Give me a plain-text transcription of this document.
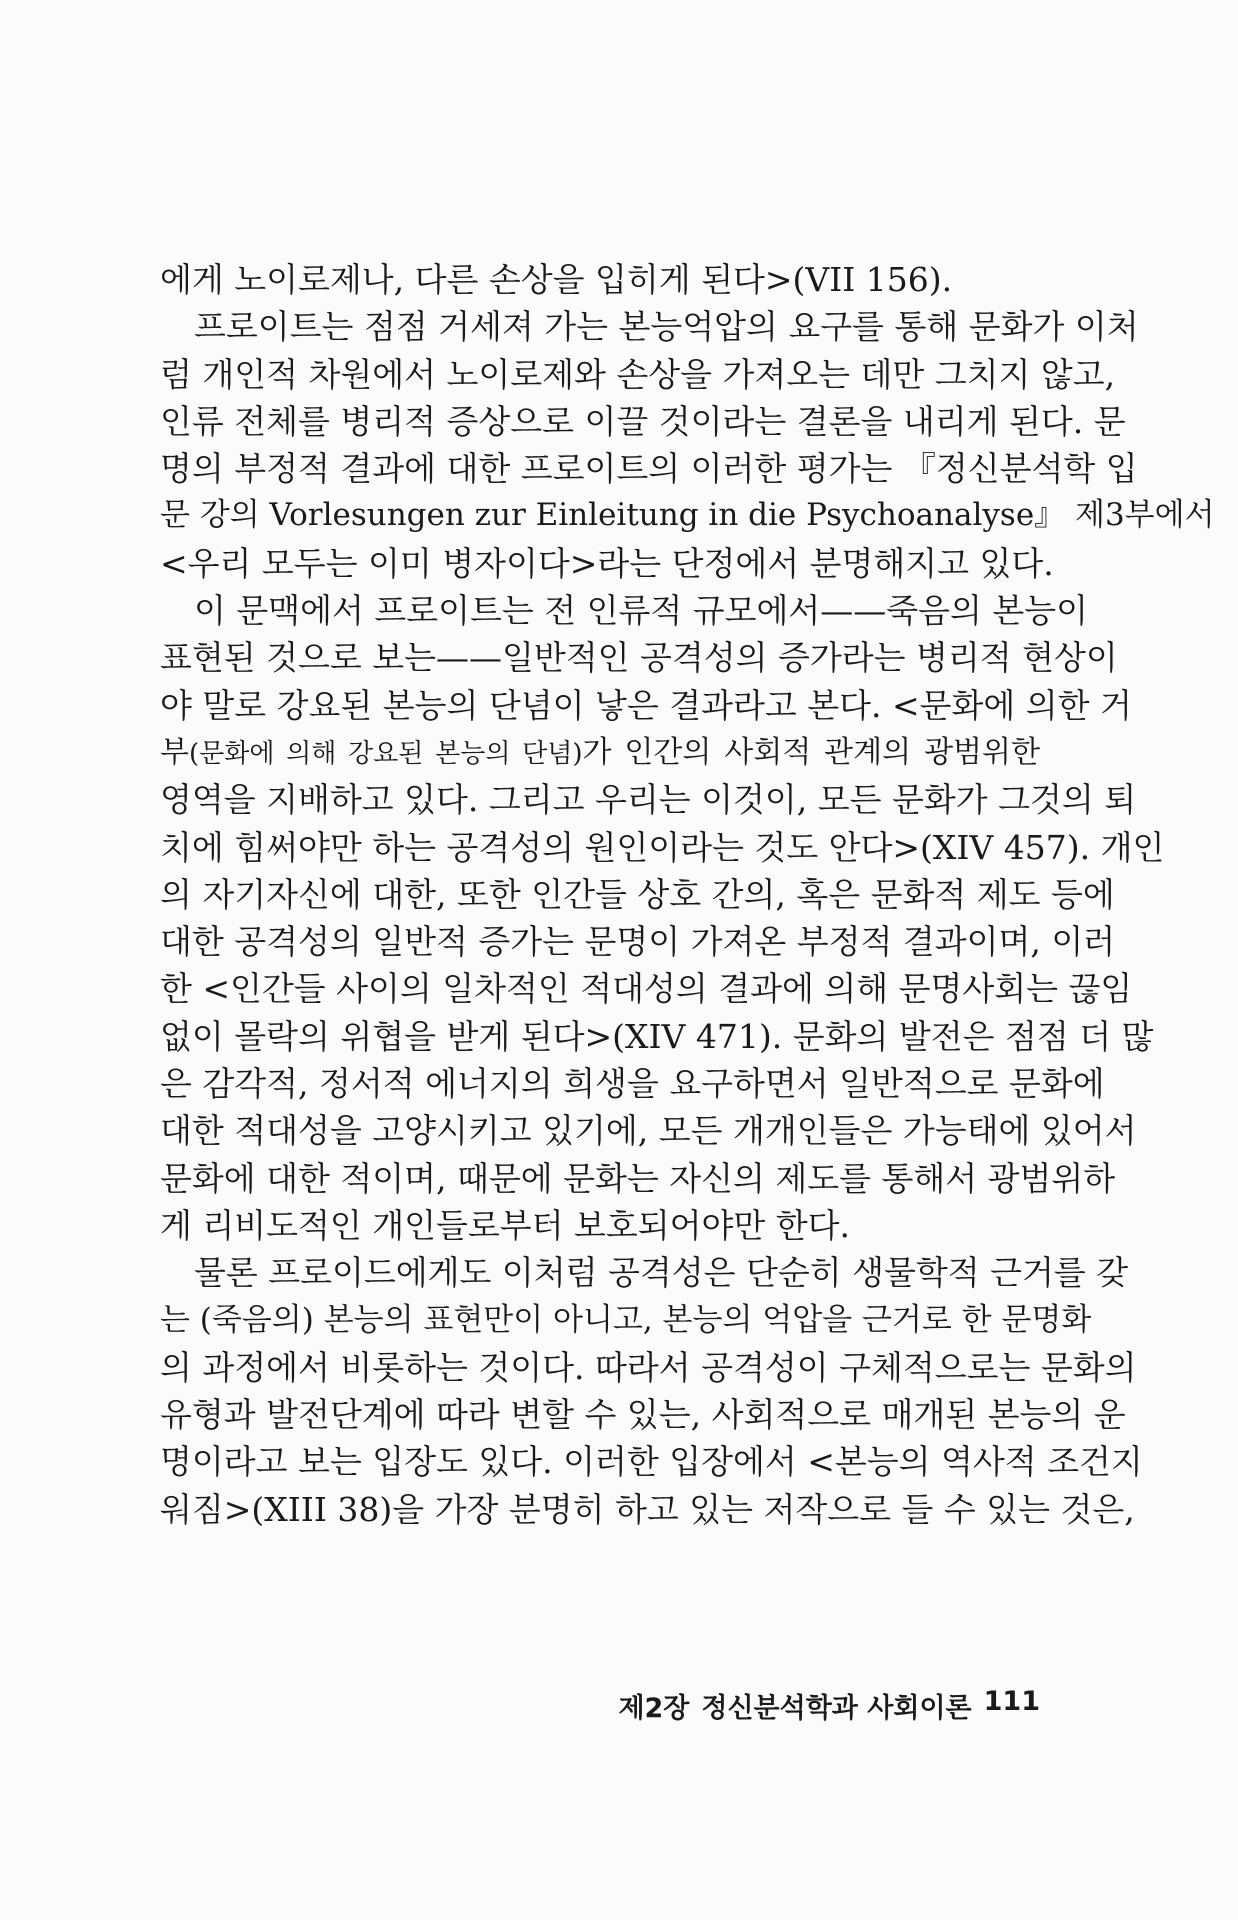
에게 노이로제나, 다른 손상을 입히게 된다>(VII 156).
프로이트는 점점 거세져 가는 본능억압의 요구를 통해 문화가 이처
럼 개인적 차원에서 노이로제와 손상을 가져오는 데만 그치지 않고,
인류 전체를 병리적 증상으로 이끌 것이라는 결론을 내리게 된다. 문
명의 부정적 결과에 대한 프로이트의 이러한 평가는 『정신분석학 입
문 강의 Vorlesungen zur Einleitung in die Psychoanalyse』 제3부에서
<우리 모두는 이미 병자이다>라는 단정에서 분명해지고 있다.
이 문맥에서 프로이트는 전 인류적 규모에서——죽음의 본능이
표현된 것으로 보는——일반적인 공격성의 증가라는 병리적 현상이
야 말로 강요된 본능의 단념이 낳은 결과라고 본다. <문화에 의한 거
부(문화에 의해 강요된 본능의 단념)가 인간의 사회적 관계의 광범위한
영역을 지배하고 있다. 그리고 우리는 이것이, 모든 문화가 그것의 퇴
치에 힘써야만 하는 공격성의 원인이라는 것도 안다>(XIV 457). 개인
의 자기자신에 대한, 또한 인간들 상호 간의, 혹은 문화적 제도 등에
대한 공격성의 일반적 증가는 문명이 가져온 부정적 결과이며, 이러
한 <인간들 사이의 일차적인 적대성의 결과에 의해 문명사회는 끊임
없이 몰락의 위협을 받게 된다>(XIV 471). 문화의 발전은 점점 더 많
은 감각적, 정서적 에너지의 희생을 요구하면서 일반적으로 문화에
대한 적대성을 고양시키고 있기에, 모든 개개인들은 가능태에 있어서
문화에 대한 적이며, 때문에 문화는 자신의 제도를 통해서 광범위하
게 리비도적인 개인들로부터 보호되어야만 한다.
물론 프로이드에게도 이처럼 공격성은 단순히 생물학적 근거를 갖
는 (죽음의) 본능의 표현만이 아니고, 본능의 억압을 근거로 한 문명화
의 과정에서 비롯하는 것이다. 따라서 공격성이 구체적으로는 문화의
유형과 발전단계에 따라 변할 수 있는, 사회적으로 매개된 본능의 운
명이라고 보는 입장도 있다. 이러한 입장에서 <본능의 역사적 조건지
워짐>(XIII 38)을 가장 분명히 하고 있는 저작으로 들 수 있는 것은,
제2장 정신분석학과 사회이론 111
